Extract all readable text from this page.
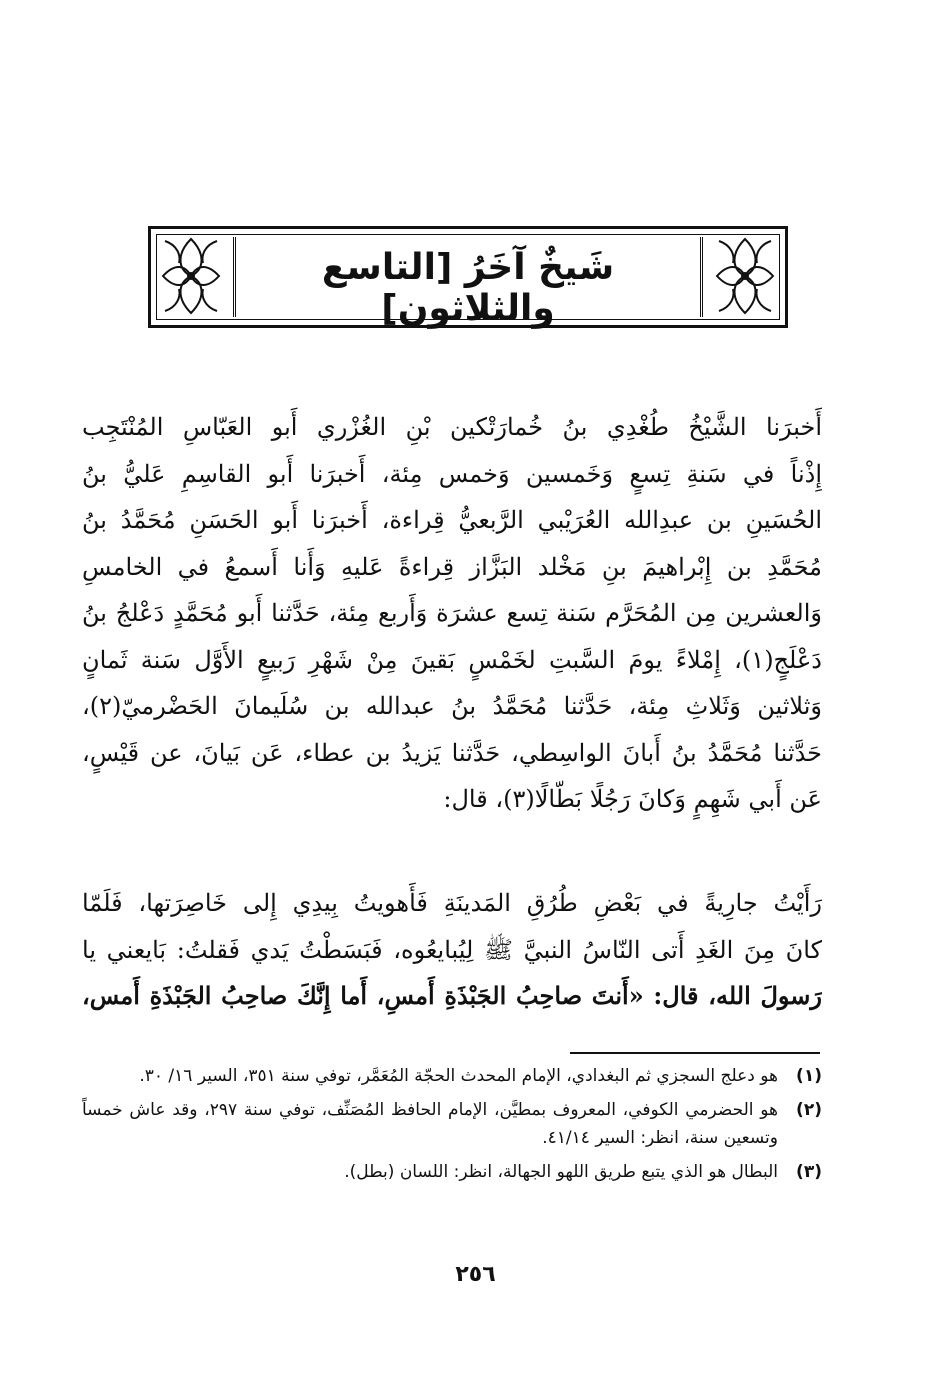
شَيخٌ آخَرُ [التاسع والثلاثون]
أَخبرَنا الشَّيْخُ طُغْدِي بنُ خُمارَتْكين بْنِ الغُزْري أَبو العَبّاسِ المُنْتَجِب
إِذْناً في سَنةِ تِسعٍ وَخَمسين وَخمس مِئة، أَخبرَنا أَبو القاسِمِ عَليُّ بنُ
الحُسَينِ بن عبدِالله العُرَيْبي الرَّبعيُّ قِراءة، أَخبرَنا أَبو الحَسَنِ مُحَمَّدُ بنُ
مُحَمَّدِ بن إِبْراهيمَ بنِ مَخْلد البَزَّاز قِراءةً عَليهِ وَأَنا أَسمعُ في الخامسِ
وَالعشرين مِن المُحَرَّم سَنة تِسع عشرَة وَأَربع مِئة، حَدَّثنا أَبو مُحَمَّدٍ دَعْلجُ بنُ
دَعْلَجٍ(١)، إِمْلاءً يومَ السَّبتِ لخَمْسٍ بَقينَ مِنْ شَهْرِ رَبيعٍ الأَوَّل سَنة ثَمانٍ
وَثلاثين وَثَلاثِ مِئة، حَدَّثنا مُحَمَّدُ بنُ عبدالله بن سُلَيمانَ الحَضْرميّ(٢)،
حَدَّثنا مُحَمَّدُ بنُ أَبانَ الواسِطي، حَدَّثنا يَزيدُ بن عطاء، عَن بَيانَ، عن قَيْسٍ،
عَن أَبي شَهِمٍ وَكانَ رَجُلًا بَطّالًا(٣)، قال:
رَأَيْتُ جارِيةً في بَعْضِ طُرُقِ المَدينَةِ فَأَهويتُ بِيدِي إِلى خَاصِرَتها، فَلَمّا
كانَ مِنَ الغَدِ أَتى النّاسُ النبيَّ ﷺ لِيُبايعُوه، فَبَسَطْتُ يَدي فَقلتُ: بَايعني يا
رَسولَ الله، قال: «أَنتَ صاحِبُ الجَبْذَةِ أَمسِ، أَما إِنَّكَ صاحِبُ الجَبْذَةِ أَمس،
(١)
هو دعلج السجزي ثم البغدادي، الإمام المحدث الحجّة المُعَمَّر، توفي سنة ٣٥١، السير ١٦/ ٣٠.
(٢)
هو الحضرمي الكوفي، المعروف بمطيَّن، الإمام الحافظ المُصَنِّف، توفي سنة ٢٩٧، وقد عاش خمساً وتسعين سنة، انظر: السير ٤١/١٤.
(٣)
البطال هو الذي يتبع طريق اللهو الجهالة، انظر: اللسان (بطل).
٢٥٦
